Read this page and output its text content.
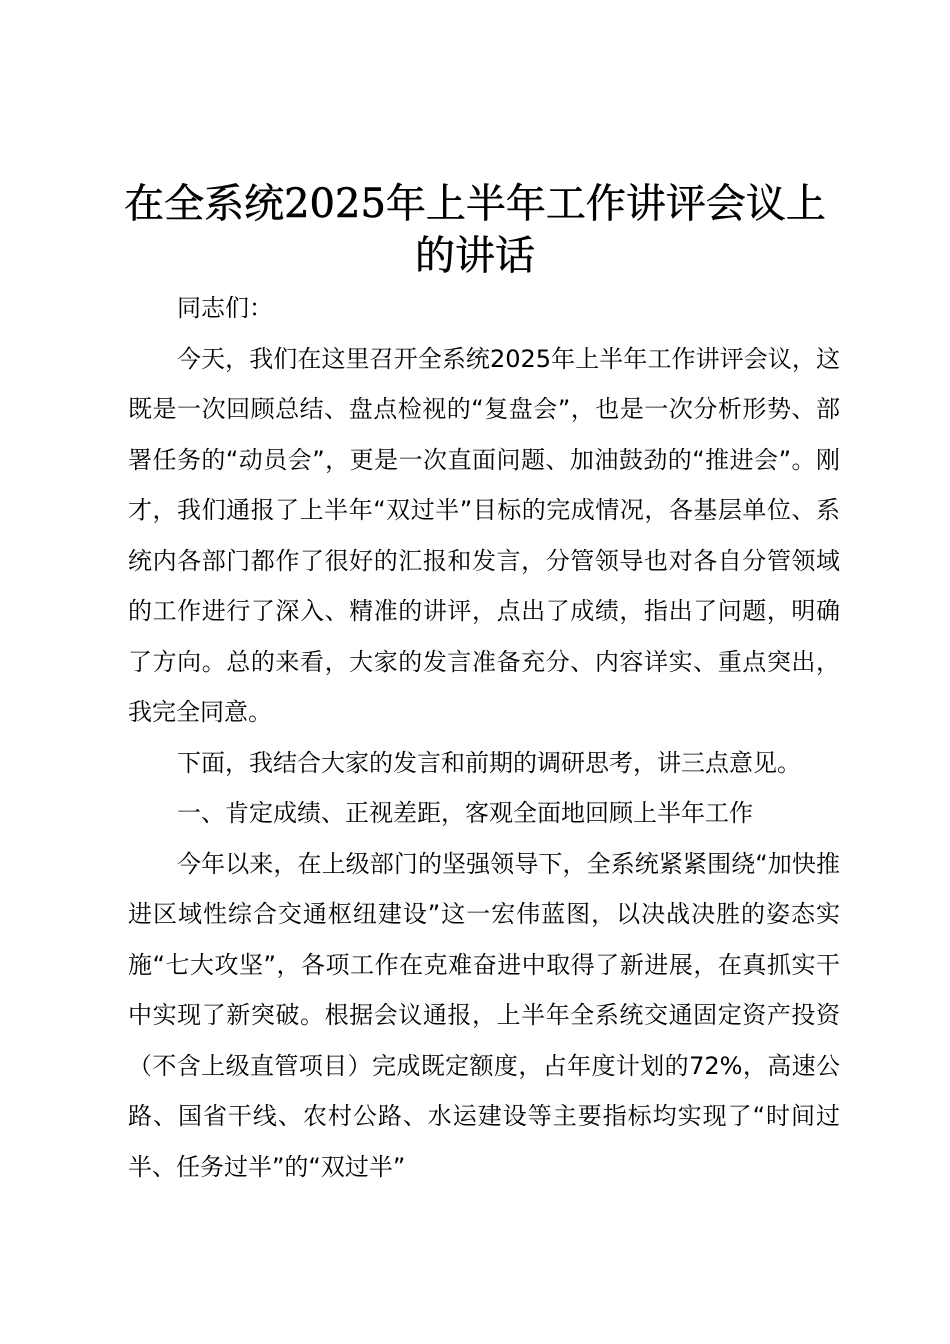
在全系统2025年上半年工作讲评会议上的讲话

同志们：

今天，我们在这里召开全系统2025年上半年工作讲评会议，这既是一次回顾总结、盘点检视的“复盘会”，也是一次分析形势、部署任务的“动员会”，更是一次直面问题、加油鼓劲的“推进会”。刚才，我们通报了上半年“双过半”目标的完成情况，各基层单位、系统内各部门都作了很好的汇报和发言，分管领导也对各自分管领域的工作进行了深入、精准的讲评，点出了成绩，指出了问题，明确了方向。总的来看，大家的发言准备充分、内容详实、重点突出，我完全同意。

下面，我结合大家的发言和前期的调研思考，讲三点意见。

一、肯定成绩、正视差距，客观全面地回顾上半年工作

今年以来，在上级部门的坚强领导下，全系统紧紧围绕“加快推进区域性综合交通枢纽建设”这一宏伟蓝图，以决战决胜的姿态实施“七大攻坚”，各项工作在克难奋进中取得了新进展，在真抓实干中实现了新突破。根据会议通报，上半年全系统交通固定资产投资（不含上级直管项目）完成既定额度，占年度计划的72%，高速公路、国省干线、农村公路、水运建设等主要指标均实现了“时间过半、任务过半”的“双过半”
